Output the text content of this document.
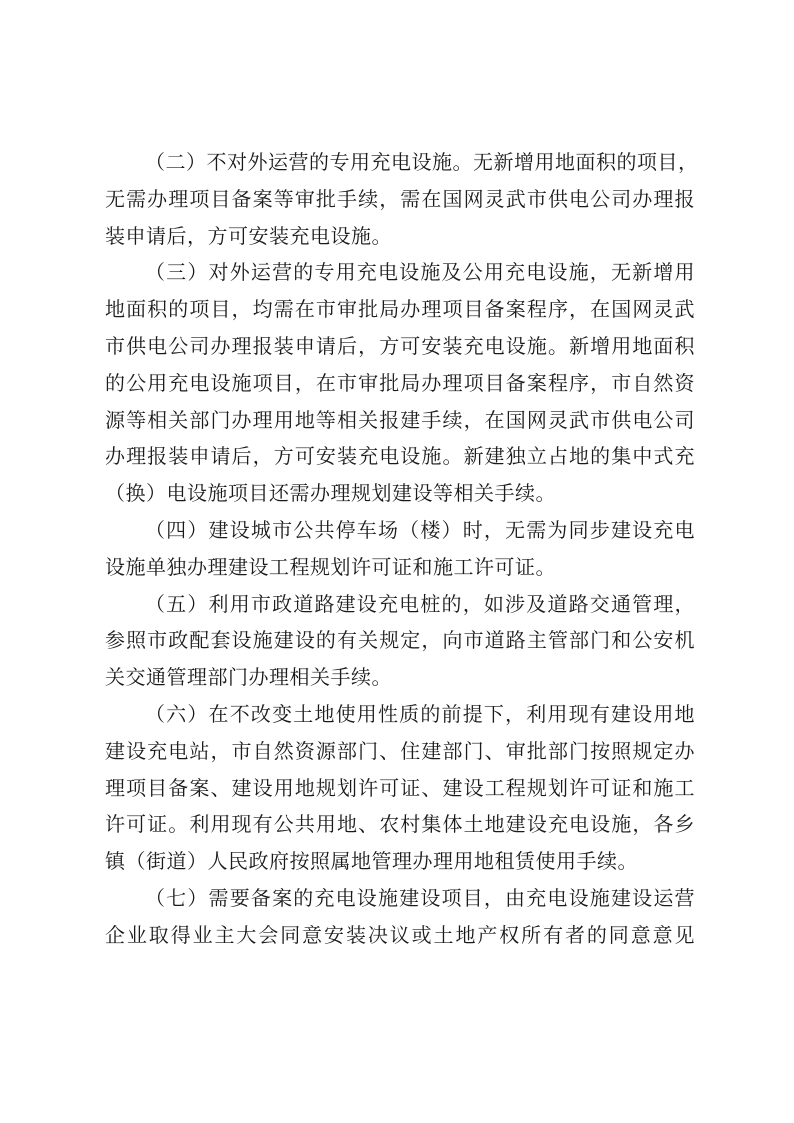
（二）不对外运营的专用充电设施。无新增用地面积的项目，
无需办理项目备案等审批手续，需在国网灵武市供电公司办理报
装申请后，方可安装充电设施。
（三）对外运营的专用充电设施及公用充电设施，无新增用
地面积的项目，均需在市审批局办理项目备案程序，在国网灵武
市供电公司办理报装申请后，方可安装充电设施。新增用地面积
的公用充电设施项目，在市审批局办理项目备案程序，市自然资
源等相关部门办理用地等相关报建手续，在国网灵武市供电公司
办理报装申请后，方可安装充电设施。新建独立占地的集中式充
（换）电设施项目还需办理规划建设等相关手续。
（四）建设城市公共停车场（楼）时，无需为同步建设充电
设施单独办理建设工程规划许可证和施工许可证。
（五）利用市政道路建设充电桩的，如涉及道路交通管理，
参照市政配套设施建设的有关规定，向市道路主管部门和公安机
关交通管理部门办理相关手续。
（六）在不改变土地使用性质的前提下，利用现有建设用地
建设充电站，市自然资源部门、住建部门、审批部门按照规定办
理项目备案、建设用地规划许可证、建设工程规划许可证和施工
许可证。利用现有公共用地、农村集体土地建设充电设施，各乡
镇（街道）人民政府按照属地管理办理用地租赁使用手续。
（七）需要备案的充电设施建设项目，由充电设施建设运营
企业取得业主大会同意安装决议或土地产权所有者的同意意见
